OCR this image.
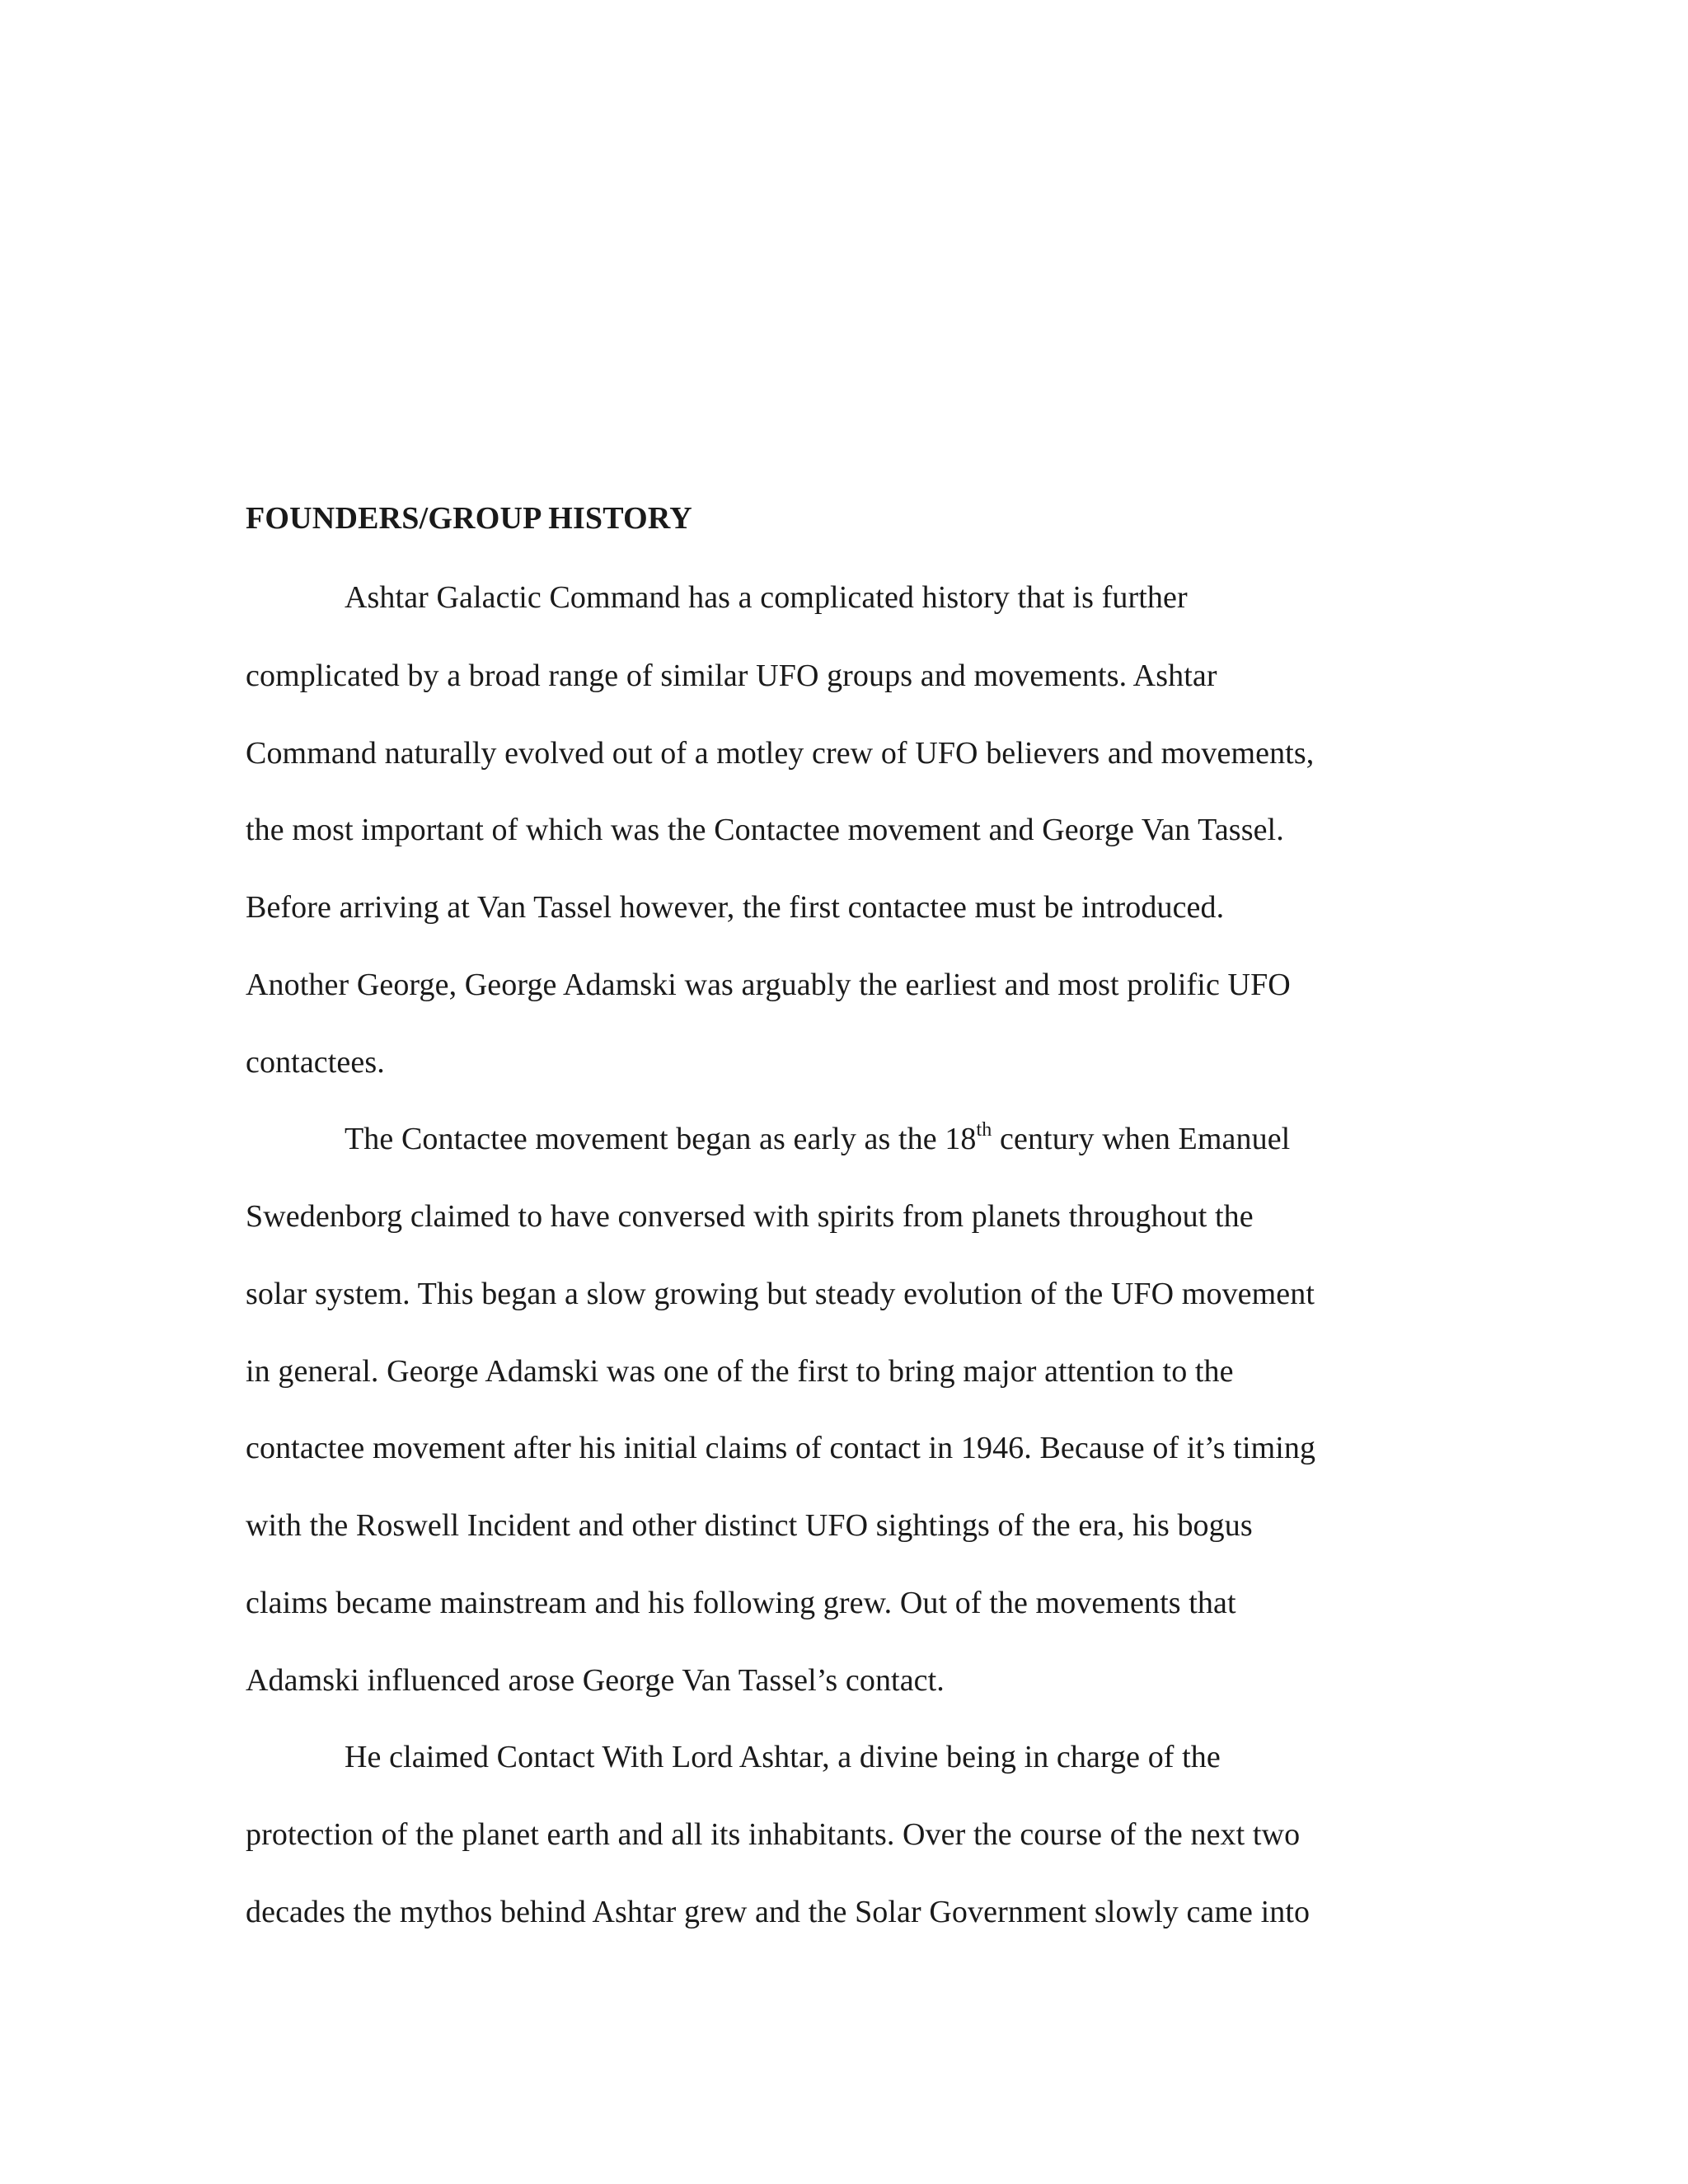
FOUNDERS/GROUP HISTORY
Ashtar Galactic Command has a complicated history that is further
complicated by a broad range of similar UFO groups and movements. Ashtar
Command naturally evolved out of a motley crew of UFO believers and movements,
the most important of which was the Contactee movement and George Van Tassel.
Before arriving at Van Tassel however, the first contactee must be introduced.
Another George, George Adamski was arguably the earliest and most prolific UFO
contactees.
The Contactee movement began as early as the 18th century when Emanuel
Swedenborg claimed to have conversed with spirits from planets throughout the
solar system. This began a slow growing but steady evolution of the UFO movement
in general. George Adamski was one of the first to bring major attention to the
contactee movement after his initial claims of contact in 1946. Because of it’s timing
with the Roswell Incident and other distinct UFO sightings of the era, his bogus
claims became mainstream and his following grew. Out of the movements that
Adamski influenced arose George Van Tassel’s contact.
He claimed Contact With Lord Ashtar, a divine being in charge of the
protection of the planet earth and all its inhabitants. Over the course of the next two
decades the mythos behind Ashtar grew and the Solar Government slowly came into
